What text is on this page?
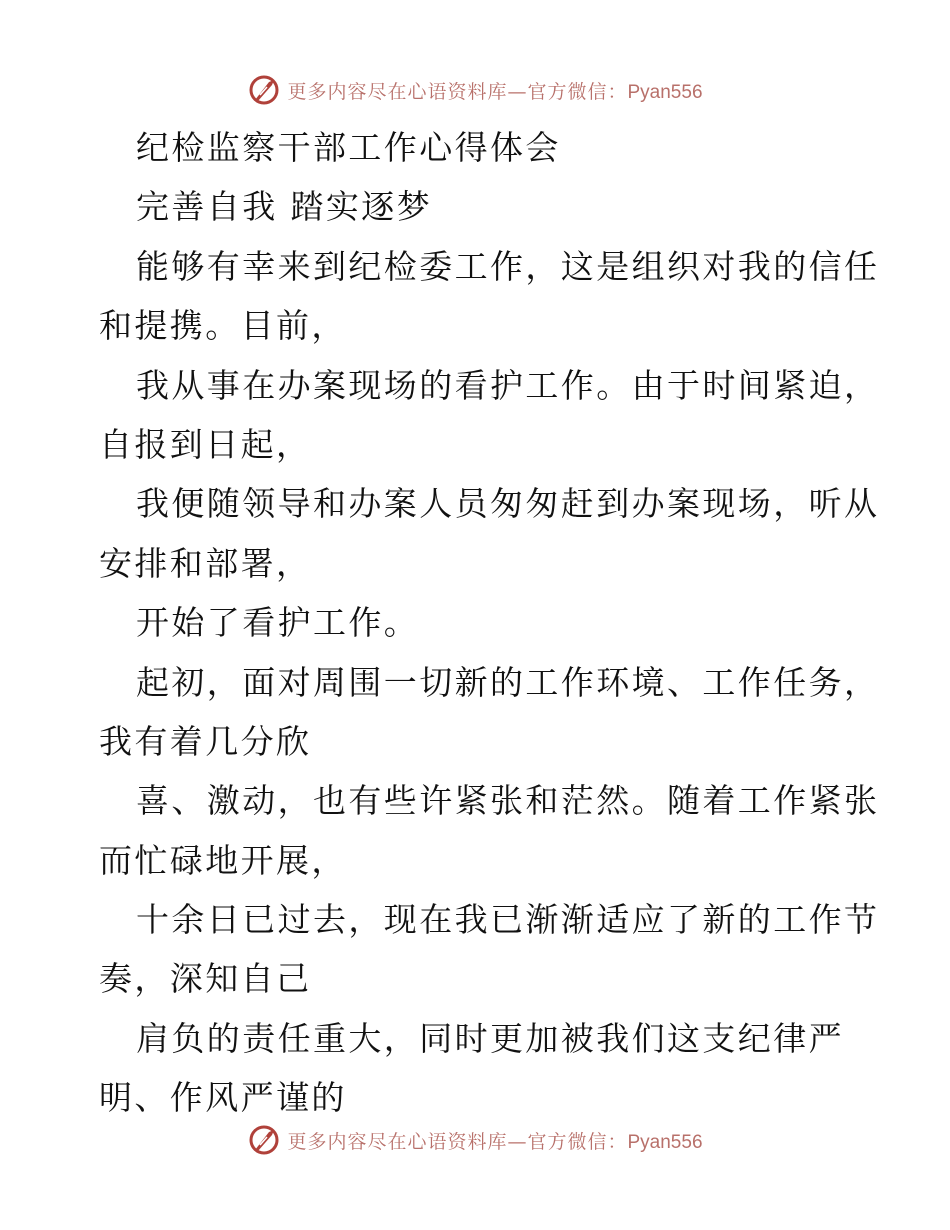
更多内容尽在心语资料库—官方微信：Pyan556
纪检监察干部工作心得体会
完善自我 踏实逐梦
能够有幸来到纪检委工作，这是组织对我的信任
和提携。目前，
我从事在办案现场的看护工作。由于时间紧迫，
自报到日起，
我便随领导和办案人员匆匆赶到办案现场，听从
安排和部署，
开始了看护工作。
起初，面对周围一切新的工作环境、工作任务，
我有着几分欣
喜、激动，也有些许紧张和茫然。随着工作紧张
而忙碌地开展，
十余日已过去，现在我已渐渐适应了新的工作节
奏，深知自己
肩负的责任重大，同时更加被我们这支纪律严
明、作风严谨的
更多内容尽在心语资料库—官方微信：Pyan556
